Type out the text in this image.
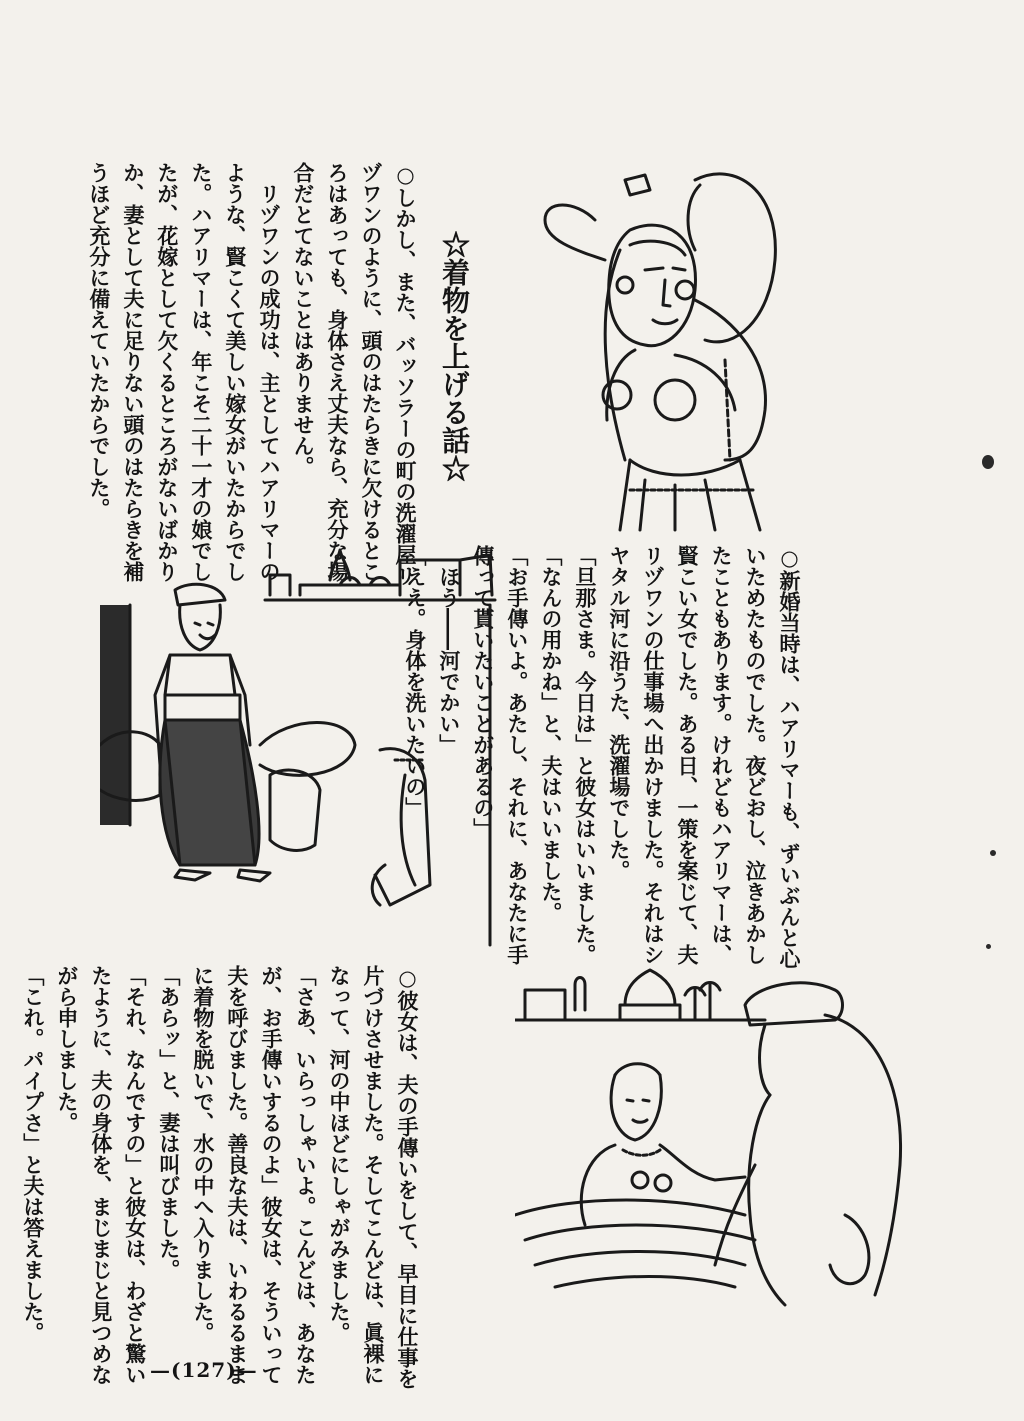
☆着物を上げる話☆
○しかし、また、バッソラーの町の洗濯屋リ
ヅワンのように、頭のはたらきに欠けるとこ
ろはあっても、身体さえ丈夫なら、充分な場
合だとてないことはありません。
　リヅワンの成功は、主としてハアリマーの
ような、賢こくて美しい嫁女がいたからでし
た。ハアリマーは、年こそ二十一才の娘でし
たが、花嫁として欠くるところがないばかり
か、妻として夫に足りない頭のはたらきを補
うほど充分に備えていたからでした。
○新婚当時は、ハアリマーも、ずいぶんと心
いためたものでした。夜どおし、泣きあかし
たこともあります。けれどもハアリマーは、
賢こい女でした。ある日、一策を案じて、夫
リヅワンの仕事場へ出かけました。それはシ
ヤタル河に沿うた、洗濯場でした。
「旦那さま。今日は」と彼女はいいました。
「なんの用かね」と、夫はいいました。
「お手傳いよ。あたし、それに、あなたに手
傳って貰いたいことがあるの」
「ほう――河でかい」
「ええ。身体を洗いたいの」
○彼女は、夫の手傳いをして、早目に仕事を
片づけさせました。そしてこんどは、眞裸に
なって、河の中ほどにしゃがみました。
「さあ、いらっしゃいよ。こんどは、あなた
が、お手傳いするのよ」彼女は、そういって
夫を呼びました。善良な夫は、いわるるまま
に着物を脱いで、水の中へ入りました。
「あらッ」と、妻は叫びました。
「それ、なんですの」と彼女は、わざと驚い
たように、夫の身体を、まじまじと見つめな
がら申しました。
「これ。パイプさ」と夫は答えました。
—(127)—
